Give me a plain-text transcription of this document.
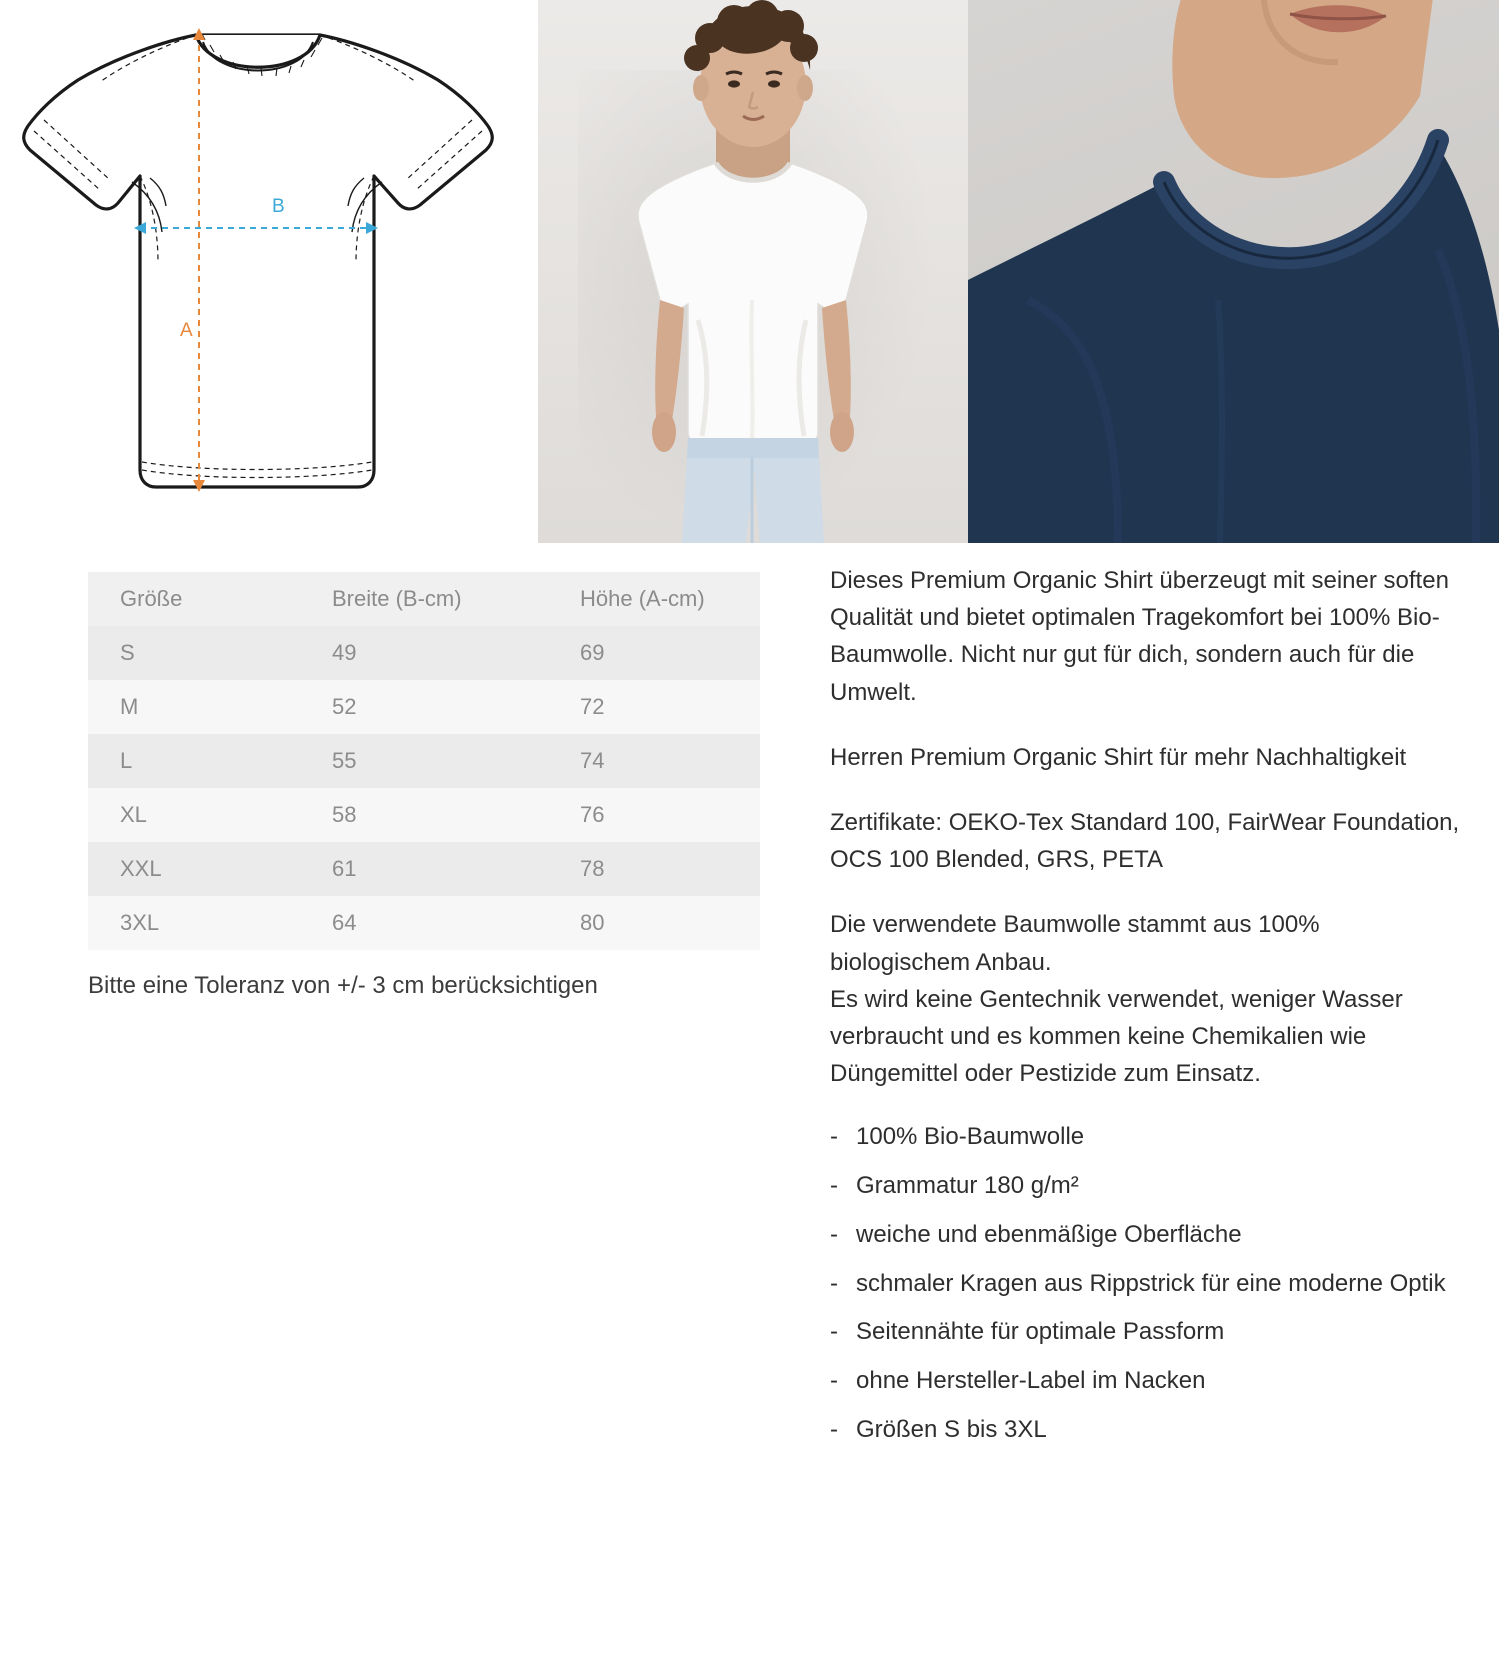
B
A
Größe	Breite (B-cm)	Höhe (A-cm)
S	49	69
M	52	72
L	55	74
XL	58	76
XXL	61	78
3XL	64	80
Bitte eine Toleranz von +/- 3 cm berücksichtigen

Dieses Premium Organic Shirt überzeugt mit seiner soften Qualität und bietet optimalen Tragekomfort bei 100% Bio-Baumwolle. Nicht nur gut für dich, sondern auch für die Umwelt.

Herren Premium Organic Shirt für mehr Nachhaltigkeit

Zertifikate: OEKO-Tex Standard 100, FairWear Foundation, OCS 100 Blended, GRS, PETA

Die verwendete Baumwolle stammt aus 100% biologischem Anbau.

Es wird keine Gentechnik verwendet, weniger Wasser verbraucht und es kommen keine Chemikalien wie Düngemittel oder Pestizide zum Einsatz.

- 100% Bio-Baumwolle
- Grammatur 180 g/m²
- weiche und ebenmäßige Oberfläche
- schmaler Kragen aus Rippstrick für eine moderne Optik
- Seitennähte für optimale Passform
- ohne Hersteller-Label im Nacken
- Größen S bis 3XL
